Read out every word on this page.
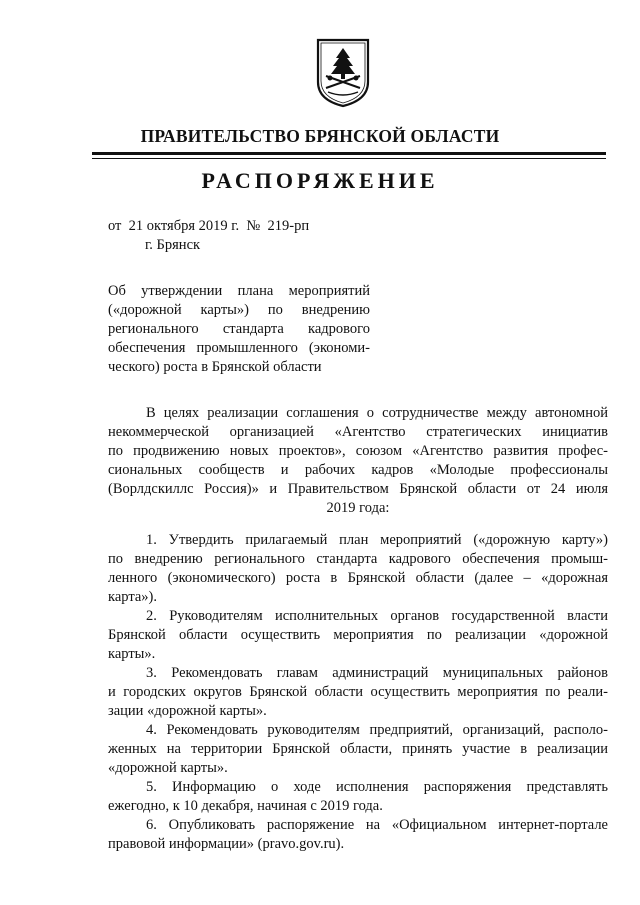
ПРАВИТЕЛЬСТВО БРЯНСКОЙ ОБЛАСТИ
РАСПОРЯЖЕНИЕ
от  21 октября 2019 г.  №  219-рп
г. Брянск
Об утверждении плана мероприятий
(«дорожной карты») по внедрению
регионального стандарта кадрового
обеспечения промышленного (экономи-
ческого) роста в Брянской области
В целях реализации соглашения о сотрудничестве между автономной
некоммерческой организацией «Агентство стратегических инициатив
по продвижению новых проектов», союзом «Агентство развития профес-
сиональных сообществ и рабочих кадров «Молодые профессионалы
(Ворлдскиллс Россия)» и Правительством Брянской области от 24 июля
2019 года:
1. Утвердить прилагаемый план мероприятий («дорожную карту»)
по внедрению регионального стандарта кадрового обеспечения промыш-
ленного (экономического) роста в Брянской области (далее – «дорожная
карта»).
2. Руководителям исполнительных органов государственной власти
Брянской области осуществить мероприятия по реализации «дорожной
карты».
3. Рекомендовать главам администраций муниципальных районов
и городских округов Брянской области осуществить мероприятия по реали-
зации «дорожной карты».
4. Рекомендовать руководителям предприятий, организаций, располо-
женных на территории Брянской области, принять участие в реализации
«дорожной карты».
5. Информацию о ходе исполнения распоряжения представлять
ежегодно, к 10 декабря, начиная с 2019 года.
6. Опубликовать распоряжение на «Официальном интернет-портале
правовой информации» (pravo.gov.ru).
